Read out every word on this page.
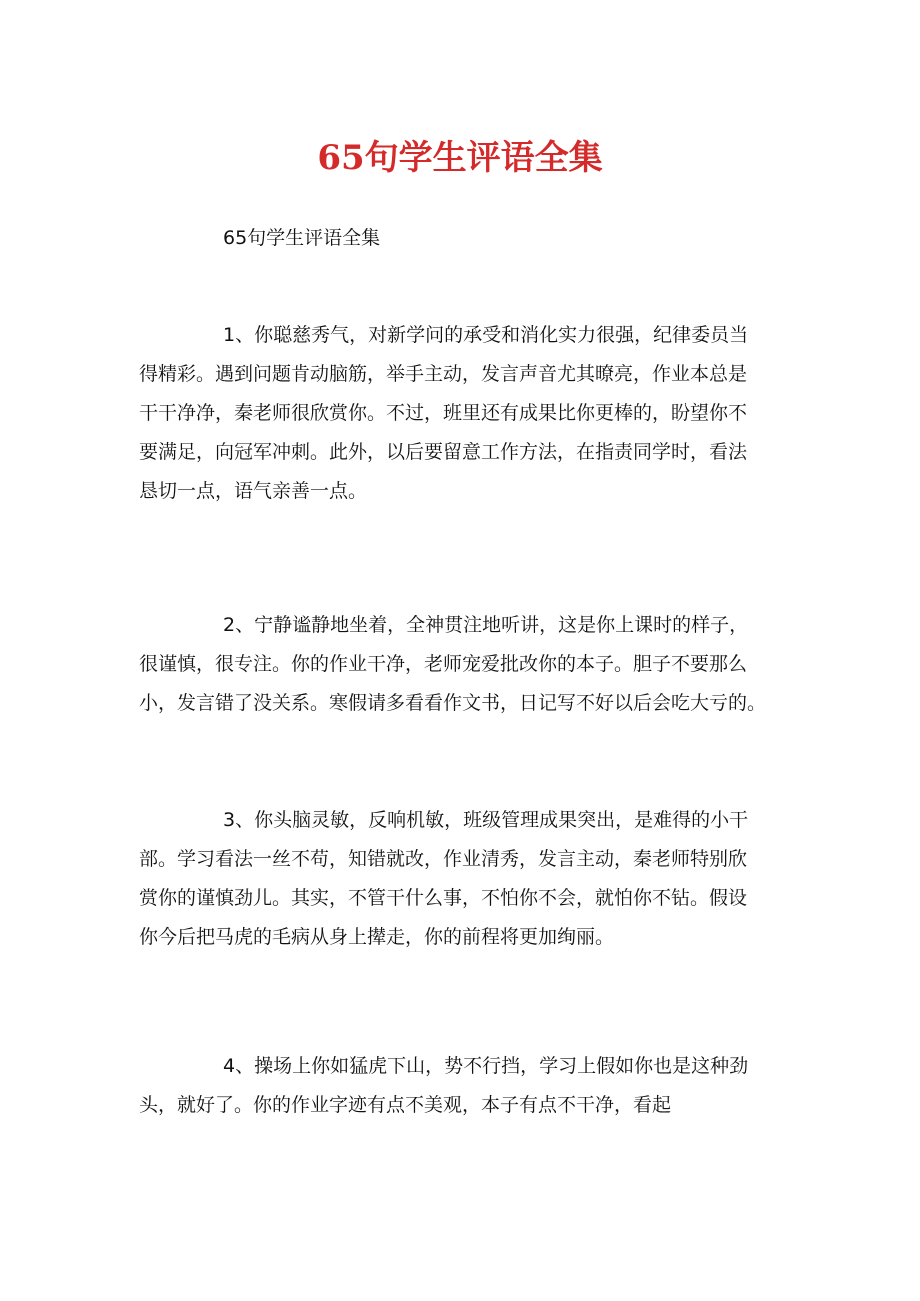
65句学生评语全集

65句学生评语全集

1、你聪慈秀气，对新学问的承受和消化实力很强，纪律委员当
得精彩。遇到问题肯动脑筋，举手主动，发言声音尤其暸亮，作业本总是
干干净净，秦老师很欣赏你。不过，班里还有成果比你更棒的，盼望你不
要满足，向冠军冲刺。此外，以后要留意工作方法，在指责同学时，看法
恳切一点，语气亲善一点。

2、宁静谧静地坐着，全神贯注地听讲，这是你上课时的样子，
很谨慎，很专注。你的作业干净，老师宠爱批改你的本子。胆子不要那么
小，发言错了没关系。寒假请多看看作文书，日记写不好以后会吃大亏的。

3、你头脑灵敏，反响机敏，班级管理成果突出，是难得的小干
部。学习看法一丝不苟，知错就改，作业清秀，发言主动，秦老师特别欣
赏你的谨慎劲儿。其实，不管干什么事，不怕你不会，就怕你不钻。假设
你今后把马虎的毛病从身上撵走，你的前程将更加绚丽。

4、操场上你如猛虎下山，势不行挡，学习上假如你也是这种劲
头，就好了。你的作业字迹有点不美观，本子有点不干净，看起
